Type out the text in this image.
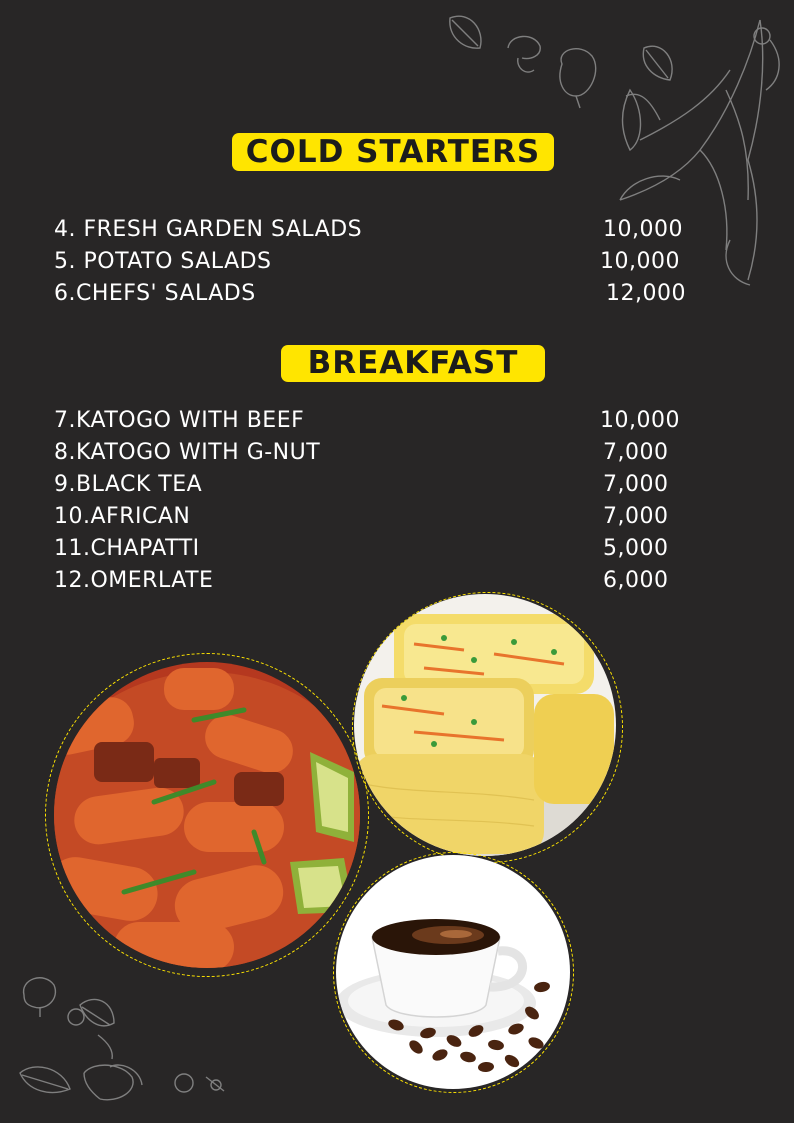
COLD STARTERS
4. FRESH GARDEN SALADS	10,000
5. POTATO SALADS	10,000
6.CHEFS' SALADS	12,000
BREAKFAST
7.KATOGO WITH BEEF	10,000
8.KATOGO WITH G-NUT	7,000
9.BLACK TEA	7,000
10.AFRICAN	7,000
11.CHAPATTI	5,000
12.OMERLATE	6,000
